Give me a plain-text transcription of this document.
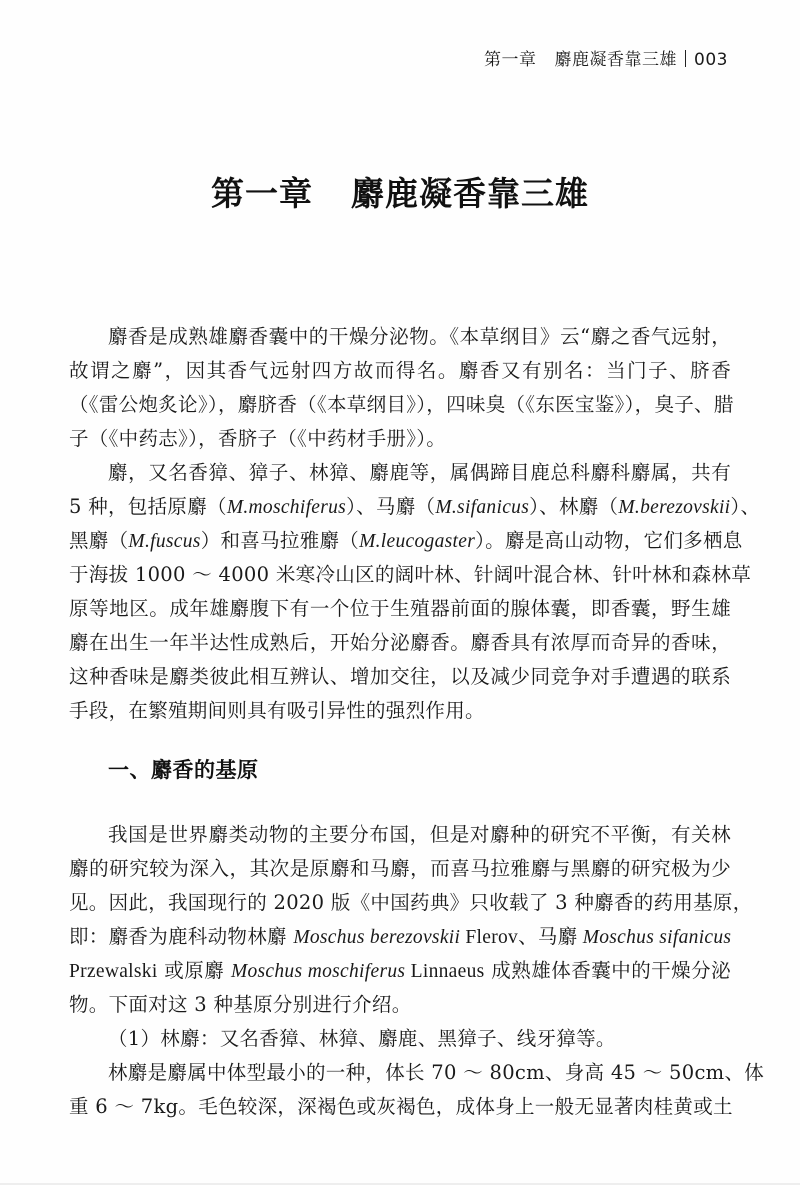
第一章 麝鹿凝香靠三雄 003
第一章 麝鹿凝香靠三雄
麝香是成熟雄麝香囊中的干燥分泌物。《本草纲目》云“麝之香气远射，
故谓之麝”，因其香气远射四方故而得名。麝香又有别名：当门子、脐香
（《雷公炮炙论》），麝脐香（《本草纲目》），四味臭（《东医宝鉴》），臭子、腊
子（《中药志》），香脐子（《中药材手册》）。
麝，又名香獐、獐子、林獐、麝鹿等，属偶蹄目鹿总科麝科麝属，共有
5 种，包括原麝（M.moschiferus）、马麝（M.sifanicus）、林麝（M.berezovskii）、
黑麝（M.fuscus）和喜马拉雅麝（M.leucogaster）。麝是高山动物，它们多栖息
于海拔 1000 ～ 4000 米寒冷山区的阔叶林、针阔叶混合林、针叶林和森林草
原等地区。成年雄麝腹下有一个位于生殖器前面的腺体囊，即香囊，野生雄
麝在出生一年半达性成熟后，开始分泌麝香。麝香具有浓厚而奇异的香味，
这种香味是麝类彼此相互辨认、增加交往，以及减少同竞争对手遭遇的联系
手段，在繁殖期间则具有吸引异性的强烈作用。
一、麝香的基原
我国是世界麝类动物的主要分布国，但是对麝种的研究不平衡，有关林
麝的研究较为深入，其次是原麝和马麝，而喜马拉雅麝与黑麝的研究极为少
见。因此，我国现行的 2020 版《中国药典》只收载了 3 种麝香的药用基原，
即：麝香为鹿科动物林麝 Moschus berezovskii Flerov、马麝 Moschus sifanicus
Przewalski 或原麝 Moschus moschiferus Linnaeus 成熟雄体香囊中的干燥分泌
物。下面对这 3 种基原分别进行介绍。
（1）林麝：又名香獐、林獐、麝鹿、黑獐子、线牙獐等。
林麝是麝属中体型最小的一种，体长 70 ～ 80cm、身高 45 ～ 50cm、体
重 6 ～ 7kg。毛色较深，深褐色或灰褐色，成体身上一般无显著肉桂黄或土
